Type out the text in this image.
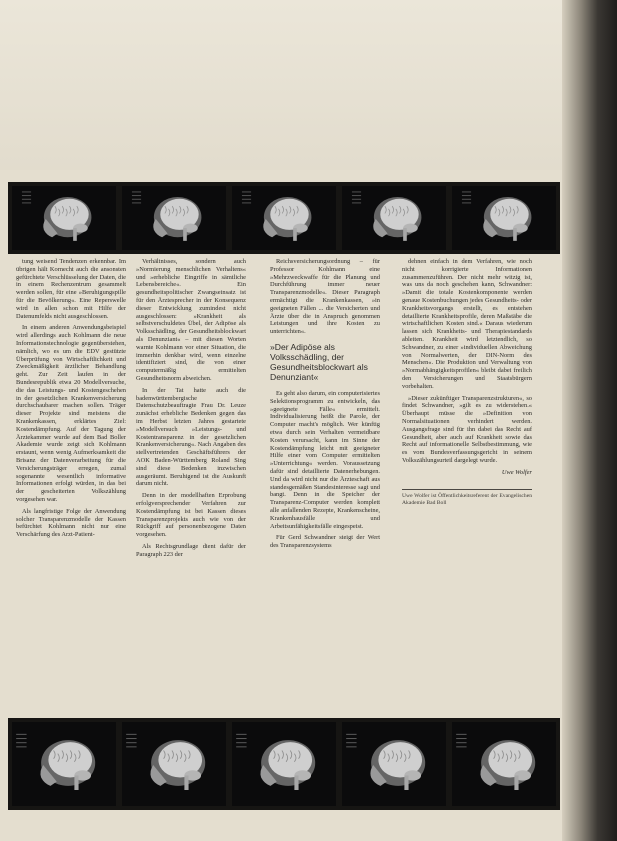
tung weisend Tendenzen erkennbar. Im übrigen hält Kornecht auch die ansonsten gefürchtete Verschlüsselung der Daten, die in einem Rechenzentrum gesammelt werden sollen, für eine »Beruhigungspille für die Bevölkerung«. Eine Reperswelle wird in allen schon mit Hilfe der Datenumfelds nicht ausgeschlossen.

In einem anderen Anwendungsbeispiel wird allerdings auch Kohlmann die neue Informationstechnologie gegenüberstehen, nämlich, wo es um die EDV gestützte Überprüfung von Wirtschaftlichkeit und Zweckmäßigkeit ärztlicher Behandlung geht. Zur Zeit laufen in der Bundesrepublik etwa 20 Modellversuche, die das Leistungs- und Kostengeschehen in der gesetzlichen Krankenversicherung durchschaubarer machen sollen. Träger dieser Projekte sind meistens die Krankenkassen, erklärtes Ziel: Kostendämpfung. Auf der Tagung der Ärztekammer wurde auf dem Bad Boller Akademie wurde zeigt sich Kohlmann erstaunt, wenn wenig Aufmerksamkeit die Brisanz der Datenverarbeitung für die Versicherungsträger erregen, zumal sogenannte wesentlich informative Informationen erfolgt würden, in das bei der gescheiterten Volkszählung vorgesehen war.

Als langfristige Folge der Anwendung solcher Transparenzmodelle der Kassen befürchtet Kohlmann nicht nur eine Verschärfung des Arzt-Patient-

Verhältnisses, sondern auch »Normierung menschlichen Verhaltens« und »erhebliche Eingriffe in sämtliche Lebensbereiche«. Ein gesundheitspolitischer Zwangseinsatz ist für den Ärztesprecher in der Konsequenz dieser Entwicklung zumindest nicht ausgeschlossen: »Krankheit als selbstverschuldetes Übel, der Adipöse als Volksschädling, der Gesundheitsblockwart als Denunziant« – mit diesen Worten warnte Kohlmann vor einer Situation, die immerhin denkbar wird, wenn einzelne identifiziert sind, die von einer computermäßig ermittelten Gesundheitsnorm abweichen.

In der Tat hatte auch die badenwürttembergische Datenschutzbeauftragte Frau Dr. Leuze zunächst erhebliche Bedenken gegen das im Herbst letzten Jahres gestartete »Modellversuch »Leistungs- und Kostentransparenz in der gesetzlichen Krankenversicherung«. Nach Angaben des stellvertretenden Geschäftsführers der AOK Baden-Württemberg Roland Sing sind diese Bedenken inzwischen ausgeräumt. Beruhigend ist die Auskunft darum nicht.

Denn in der modellhaften Erprobung erfolgversprechender Verfahren zur Kostendämpfung ist bei Kassen dieses Transparenzprojekts auch wie von der Rückgriff auf personenbezogene Daten vorgesehen.

Als Rechtsgrundlage dient dafür der Paragraph 223 der

Reichsversicherungsordnung – für Professor Kohlmann eine »Mehrzweckwaffe für die Planung und Durchführung immer neuer Transparenzmodelle«. Dieser Paragraph ermächtigt die Krankenkassen, »in geeigneten Fällen ... die Versicherten und Ärzte über die in Anspruch genommen Leistungen und ihre Kosten zu unterrichten«.

»Der Adipöse als Volksschädling, der Gesundheitsblockwart als Denunziant«

Es geht also darum, ein computerisiertes Selektionsprogramm zu entwickeln, das »geeignete Fälle« ermittelt. Individualisierung heißt die Parole, der Computer macht's möglich. Wer künftig etwa durch sein Verhalten vermeidbare Kosten verursacht, kann im Sinne der Kostendämpfung leicht mit geeigneter Hilfe einer vom Computer ermittelten »Unterrichtung« werden. Voraussetzung dafür sind detaillierte Datenerhebungen. Und da wird nicht nur die Ärzteschaft aus standesgemäßen Standesinteresse sagt und bangt. Denn in die Speicher der Transparenz-Computer werden komplett alle anfallenden Rezepte, Krankenscheine, Krankenhausfälle und Arbeitsunfähigkeitsfälle eingespeist.

Für Gerd Schwandner steigt der Wert des Transparenzsystems

dehnen einfach in dem Verfahren, wie noch nicht korrigierte Informationen zusammenzuführen. Der nicht mehr witzig ist, was uns da noch geschehen kann, Schwandner: »Damit die totale Kostenkomponente werden genaue Kostenbuchungen jedes Gesundheits- oder Krankheitsvorgangs erstellt, es entstehen detaillierte Krankheitsprofile, deren Maßstäbe die wirtschaftlichen Kosten sind.« Daraus wiederum lassen sich Krankheits- und Therapiestandards ableiten. Krankheit wird letztendlich, so Schwandner, zu einer »individuellen Abweichung von Normalwerten, der DIN-Norm des Menschen«. Die Produktion und Verwaltung von »Normabhängigkeitsprofilen« bleibt dabei freilich den Versicherungen und Staatsbürgern vorbehalten.

»Dieser zukünftiger Transparenzstrukturen«, so findet Schwandner, »gilt es zu widerstehen.« Überhaupt müsse die »Definition von Normalsituationen verhindert werden. Ausgangsfrage sind für ihn dabei das Recht auf Gesundheit, aber auch auf Krankheit sowie das Recht auf informationelle Selbstbestimmung, wie es vom Bundesverfassungsgericht in seinem Volkszählungsurteil dargelegt wurde.

Uwe Wolfer
Uwe Wolfer ist Öffentlichkeitsreferent der Evangelischen Akademie Bad Boll
